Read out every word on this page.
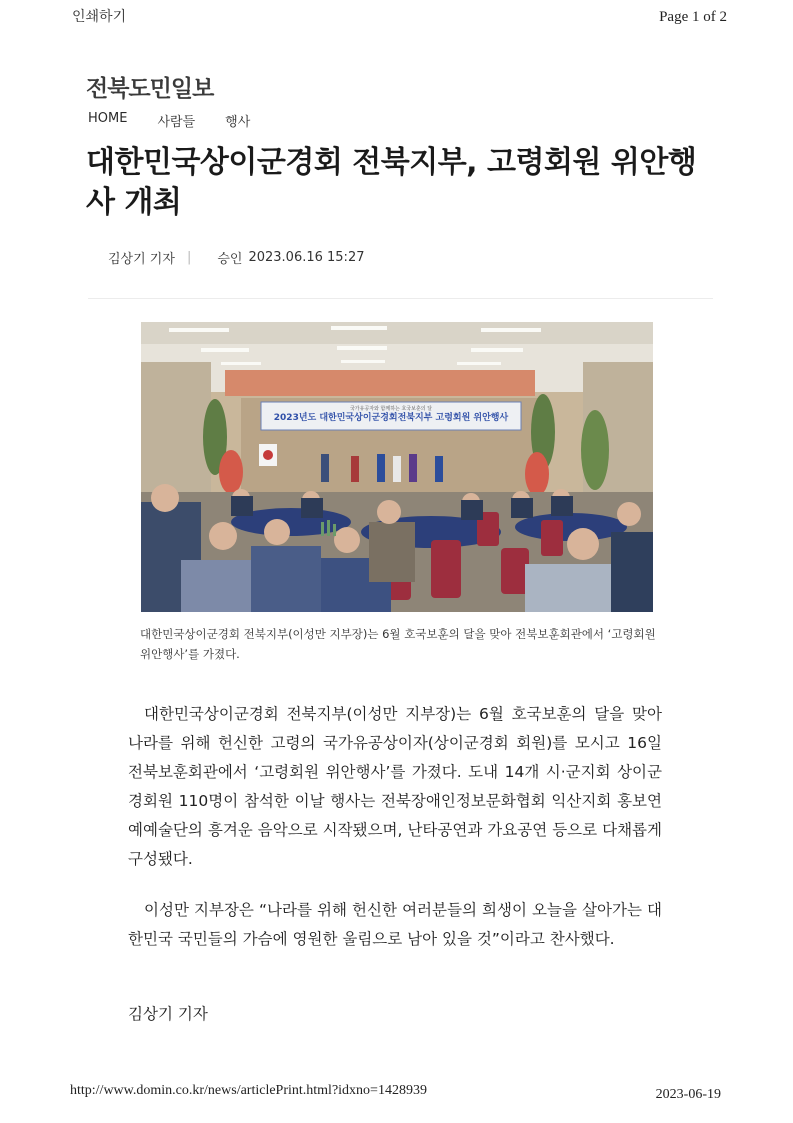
인쇄하기	Page 1 of 2
전북도민일보
HOME 사람들 행사
대한민국상이군경회 전북지부, 고령회원 위안행사 개최
김상기 기자 | 승인 2023.06.16 15:27
2023년도 대한민국상이군경회전북지부 고령회원 위안행사
국가유공자와 함께하는 호국보훈의 달
대한민국상이군경회 전북지부(이성만 지부장)는 6월 호국보훈의 달을 맞아 전북보훈회관에서 ‘고령회원 위안행사’를 가졌다.

대한민국상이군경회 전북지부(이성만 지부장)는 6월 호국보훈의 달을 맞아 나라를 위해 헌신한 고령의 국가유공상이자(상이군경회 회원)를 모시고 16일 전북보훈회관에서 ‘고령회원 위안행사’를 가졌다. 도내 14개 시·군지회 상이군경회원 110명이 참석한 이날 행사는 전북장애인정보문화협회 익산지회 홍보연예예술단의 흥겨운 음악으로 시작됐으며, 난타공연과 가요공연 등으로 다채롭게 구성됐다.

이성만 지부장은 “나라를 위해 헌신한 여러분들의 희생이 오늘을 살아가는 대한민국 국민들의 가슴에 영원한 울림으로 남아 있을 것”이라고 찬사했다.

김상기 기자
http://www.domin.co.kr/news/articlePrint.html?idxno=1428939	2023-06-19
